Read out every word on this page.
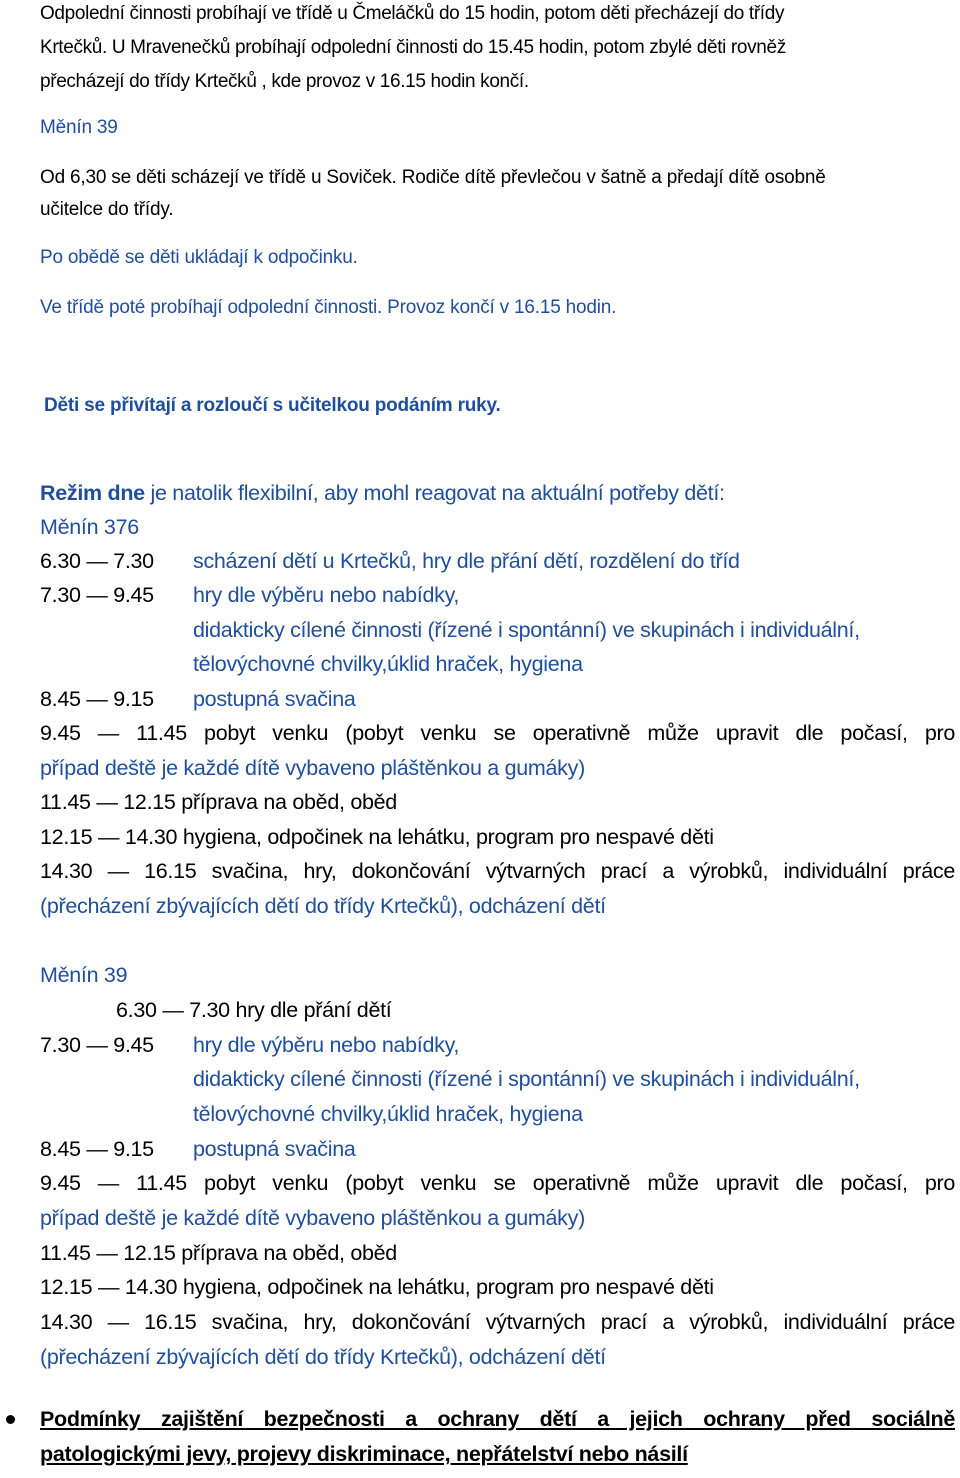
Odpolední činnosti probíhají ve třídě u Čmeláčků do 15 hodin, potom děti přecházejí do třídy
Krtečků. U Mravenečků probíhají odpolední činnosti do 15.45 hodin, potom zbylé děti rovněž
přecházejí do třídy Krtečků , kde provoz v 16.15 hodin končí.
Měnín 39
Od 6,30 se děti scházejí ve třídě u Soviček. Rodiče dítě převlečou v šatně a předají dítě osobně
učitelce do třídy.
Po obědě se děti ukládají k odpočinku.
Ve třídě poté probíhají odpolední činnosti. Provoz končí v 16.15 hodin.
Děti se přivítají a rozloučí s učitelkou podáním ruky.
Režim dne je natolik flexibilní, aby mohl reagovat na aktuální potřeby dětí:
Měnín 376
6.30 — 7.30 scházení dětí u Krtečků, hry dle přání dětí, rozdělení do tříd
7.30 — 9.45 hry dle výběru nebo nabídky,
didakticky cílené činnosti (řízené i spontánní) ve skupinách i individuální,
tělovýchovné chvilky,úklid hraček, hygiena
8.45 — 9.15 postupná svačina
9.45 — 11.45 pobyt venku (pobyt venku se operativně může upravit dle počasí, pro
případ deště je každé dítě vybaveno pláštěnkou a gumáky)
11.45 — 12.15 příprava na oběd, oběd
12.15 — 14.30 hygiena, odpočinek na lehátku, program pro nespavé děti
14.30 — 16.15 svačina, hry, dokončování výtvarných prací a výrobků, individuální práce
(přecházení zbývajících dětí do třídy Krtečků), odcházení dětí
Měnín 39
6.30 — 7.30 hry dle přání dětí
7.30 — 9.45 hry dle výběru nebo nabídky,
didakticky cílené činnosti (řízené i spontánní) ve skupinách i individuální,
tělovýchovné chvilky,úklid hraček, hygiena
8.45 — 9.15 postupná svačina
9.45 — 11.45 pobyt venku (pobyt venku se operativně může upravit dle počasí, pro
případ deště je každé dítě vybaveno pláštěnkou a gumáky)
11.45 — 12.15 příprava na oběd, oběd
12.15 — 14.30 hygiena, odpočinek na lehátku, program pro nespavé děti
14.30 — 16.15 svačina, hry, dokončování výtvarných prací a výrobků, individuální práce
(přecházení zbývajících dětí do třídy Krtečků), odcházení dětí
Podmínky zajištění bezpečnosti a ochrany dětí a jejich ochrany před sociálně
patologickými jevy, projevy diskriminace, nepřátelství nebo násilí
